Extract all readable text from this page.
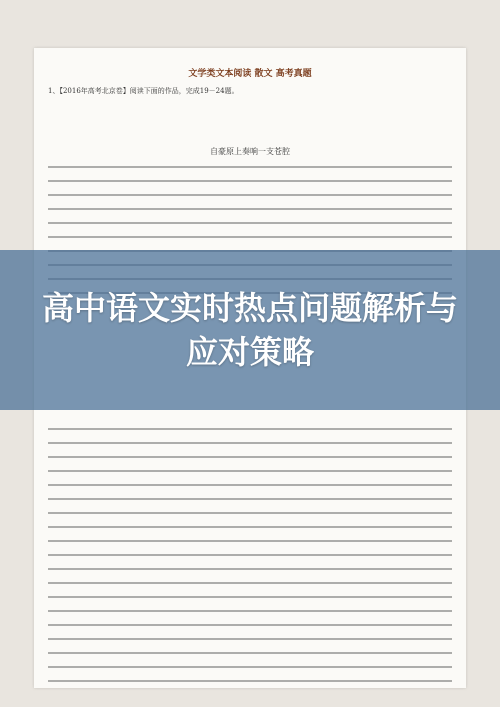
文学类文本阅读 散文 高考真题
1、【2016年高考北京卷】阅读下面的作品，完成19－24题。
自豪原上奏响一支苍腔
高中语文实时热点问题解析与应对策略
